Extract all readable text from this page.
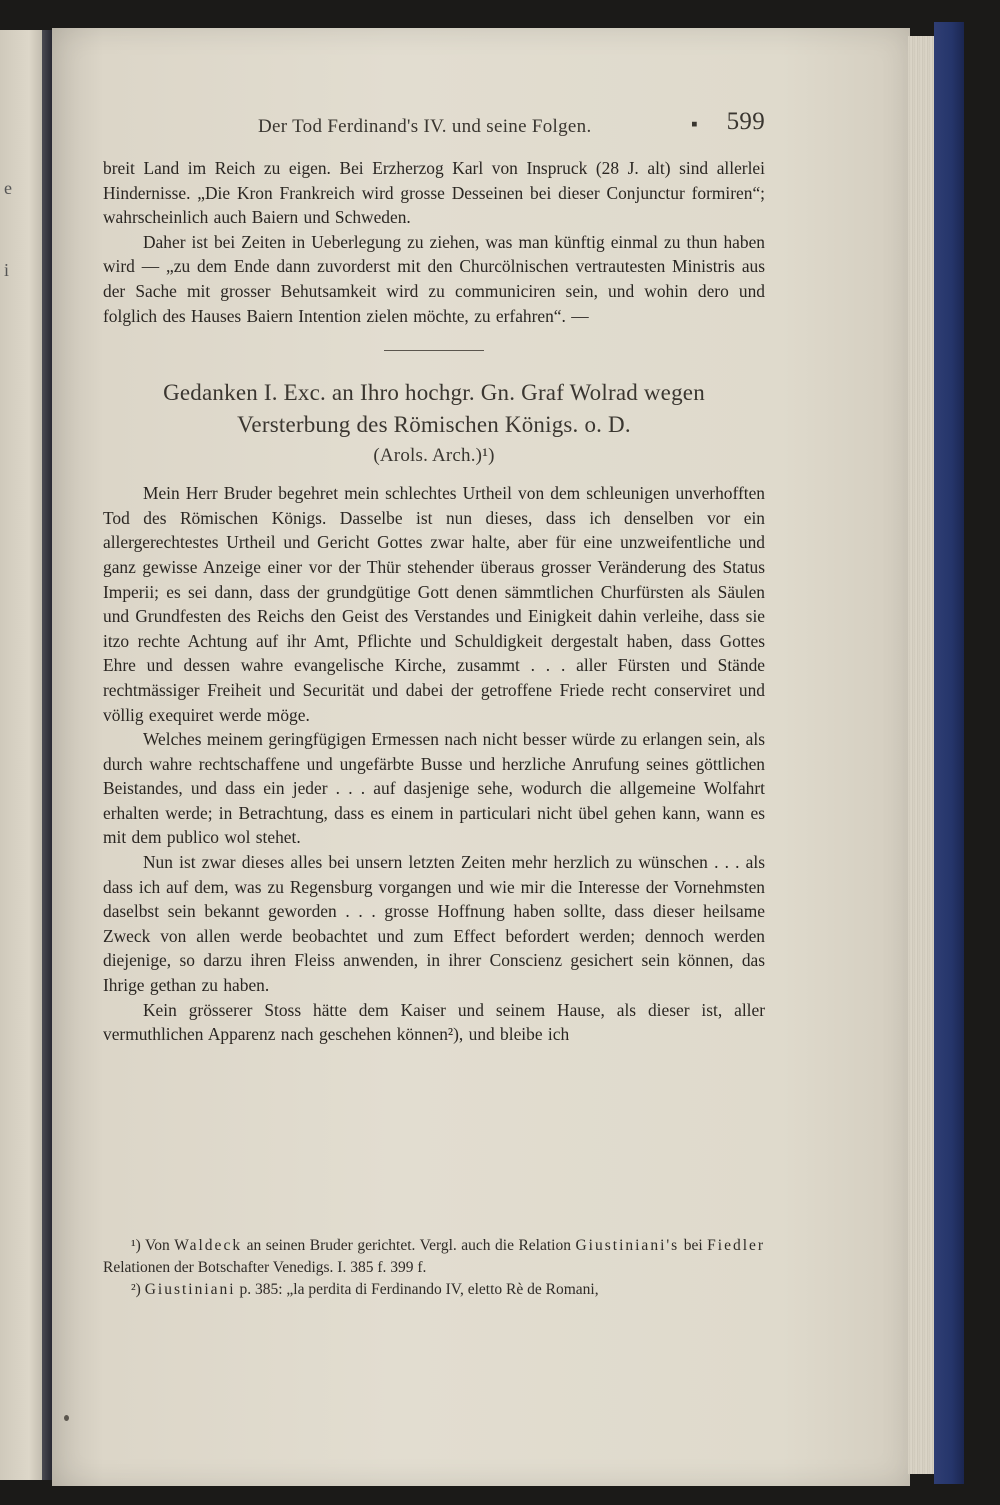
e
i
Der Tod Ferdinand's IV. und seine Folgen.	▪ 599

breit Land im Reich zu eigen. Bei Erzherzog Karl von Inspruck (28 J. alt) sind allerlei Hindernisse. „Die Kron Frankreich wird grosse Desseinen bei dieser Conjunctur formiren“; wahrscheinlich auch Baiern und Schweden.

Daher ist bei Zeiten in Ueberlegung zu ziehen, was man künftig einmal zu thun haben wird — „zu dem Ende dann zuvorderst mit den Churcölnischen vertrautesten Ministris aus der Sache mit grosser Behutsamkeit wird zu communiciren sein, und wohin dero und folglich des Hauses Baiern Intention zielen möchte, zu erfahren“. —

Gedanken I. Exc. an Ihro hochgr. Gn. Graf Wolrad wegen
Versterbung des Römischen Königs. o. D.
(Arols. Arch.)¹)

Mein Herr Bruder begehret mein schlechtes Urtheil von dem schleunigen unverhofften Tod des Römischen Königs. Dasselbe ist nun dieses, dass ich denselben vor ein allergerechtestes Urtheil und Gericht Gottes zwar halte, aber für eine unzweifentliche und ganz gewisse Anzeige einer vor der Thür stehender überaus grosser Veränderung des Status Imperii; es sei dann, dass der grundgütige Gott denen sämmtlichen Churfürsten als Säulen und Grundfesten des Reichs den Geist des Verstandes und Einigkeit dahin verleihe, dass sie itzo rechte Achtung auf ihr Amt, Pflichte und Schuldigkeit dergestalt haben, dass Gottes Ehre und dessen wahre evangelische Kirche, zusammt . . . aller Fürsten und Stände rechtmässiger Freiheit und Securität und dabei der getroffene Friede recht conserviret und völlig exequiret werde möge.

Welches meinem geringfügigen Ermessen nach nicht besser würde zu erlangen sein, als durch wahre rechtschaffene und ungefärbte Busse und herzliche Anrufung seines göttlichen Beistandes, und dass ein jeder . . . auf dasjenige sehe, wodurch die allgemeine Wolfahrt erhalten werde; in Betrachtung, dass es einem in particulari nicht übel gehen kann, wann es mit dem publico wol stehet.

Nun ist zwar dieses alles bei unsern letzten Zeiten mehr herzlich zu wünschen . . . als dass ich auf dem, was zu Regensburg vorgangen und wie mir die Interesse der Vornehmsten daselbst sein bekannt geworden . . . grosse Hoffnung haben sollte, dass dieser heilsame Zweck von allen werde beobachtet und zum Effect befordert werden; dennoch werden diejenige, so darzu ihren Fleiss anwenden, in ihrer Conscienz gesichert sein können, das Ihrige gethan zu haben.

Kein grösserer Stoss hätte dem Kaiser und seinem Hause, als dieser ist, aller vermuthlichen Apparenz nach geschehen können²), und bleibe ich

¹) Von Waldeck an seinen Bruder gerichtet. Vergl. auch die Relation Giustiniani's bei Fiedler Relationen der Botschafter Venedigs. I. 385 f. 399 f.

²) Giustiniani p. 385: „la perdita di Ferdinando IV, eletto Rè de Romani,
